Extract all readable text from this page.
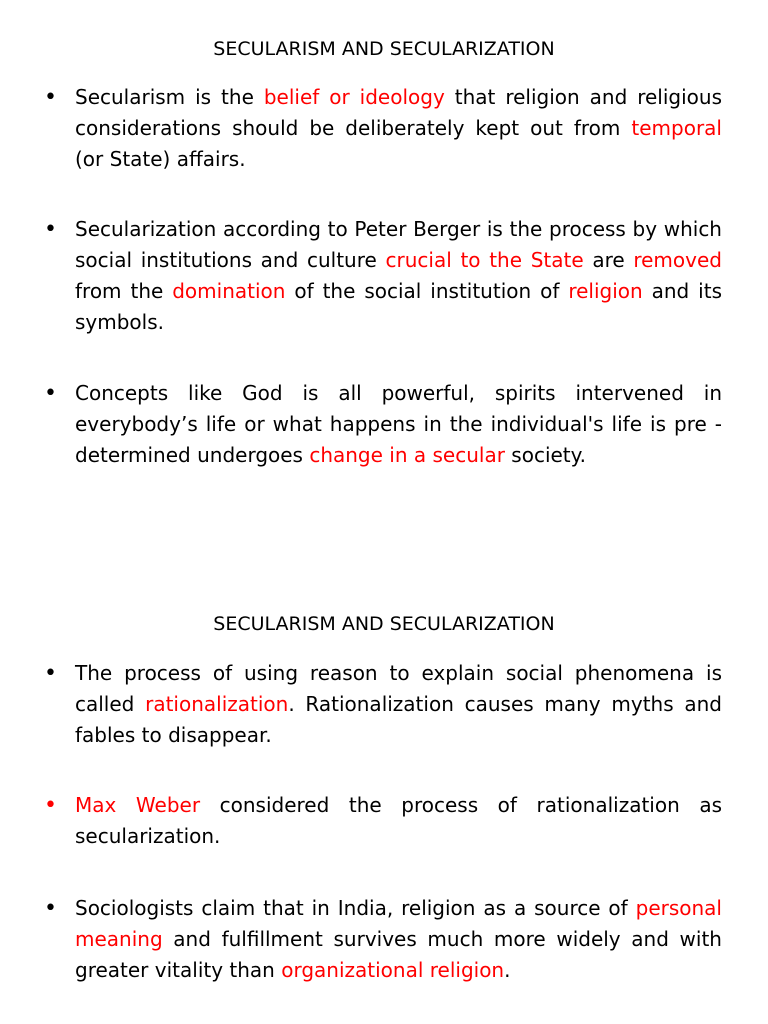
SECULARISM AND SECULARIZATION
• Secularism is the belief or ideology that religion and religious considerations should be deliberately kept out from temporal (or State) affairs.
• Secularization according to Peter Berger is the process by which social institutions and culture crucial to the State are removed from the domination of the social institution of religion and its symbols.
• Concepts like God is all powerful, spirits intervened in everybody’s life or what happens in the individual's life is pre - determined undergoes change in a secular society.
SECULARISM AND SECULARIZATION
• The process of using reason to explain social phenomena is called rationalization. Rationalization causes many myths and fables to disappear.
• Max Weber considered the process of rationalization as secularization.
• Sociologists claim that in India, religion as a source of personal meaning and fulfillment survives much more widely and with greater vitality than organizational religion.
